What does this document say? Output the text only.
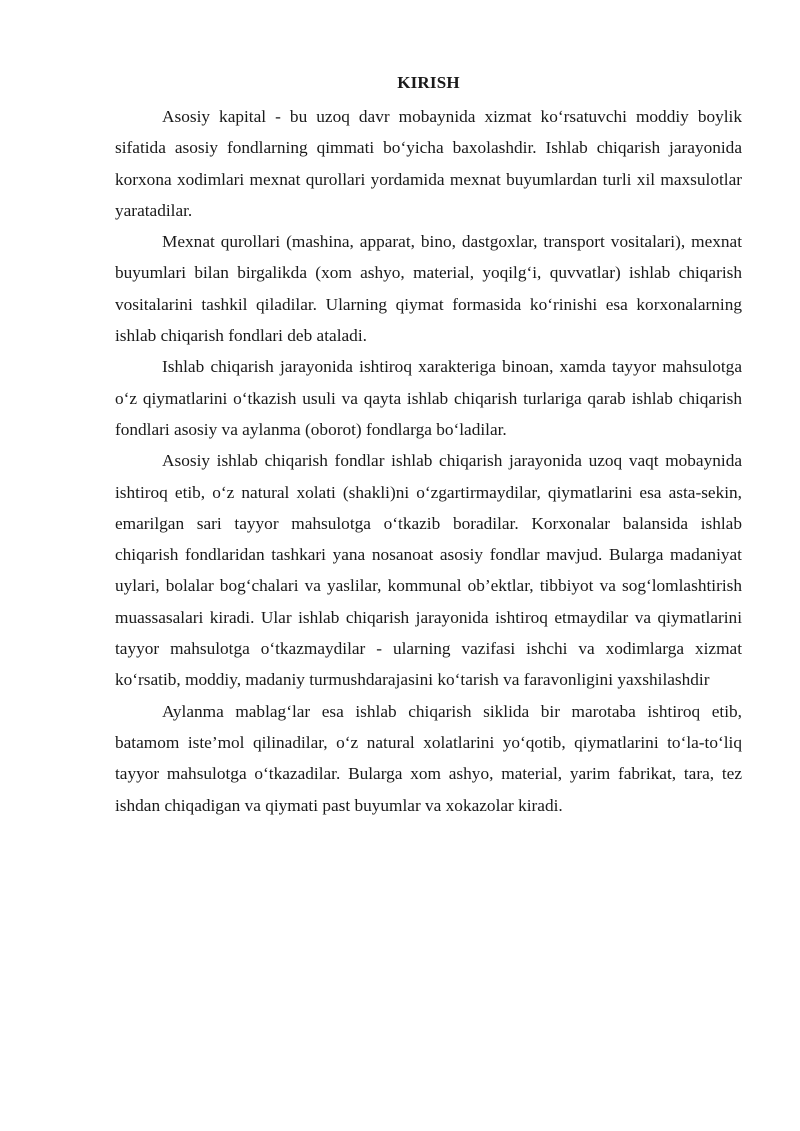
KIRISH

Asosiy kapital - bu uzoq davr mobaynida xizmat ko‘rsatuvchi moddiy boylik sifatida asosiy fondlarning qimmati bo‘yicha baxolashdir. Ishlab chiqarish jarayonida korxona xodimlari mexnat qurollari yordamida mexnat buyumlardan turli xil maxsulotlar yaratadilar.

Mexnat qurollari (mashina, apparat, bino, dastgoxlar, transport vositalari), mexnat buyumlari bilan birgalikda (xom ashyo, material, yoqilg‘i, quvvatlar) ishlab chiqarish vositalarini tashkil qiladilar. Ularning qiymat formasida ko‘rinishi esa korxonalarning ishlab chiqarish fondlari deb ataladi.

Ishlab chiqarish jarayonida ishtiroq xarakteriga binoan, xamda tayyor mahsulotga o‘z qiymatlarini o‘tkazish usuli va qayta ishlab chiqarish turlariga qarab ishlab chiqarish fondlari asosiy va aylanma (oborot) fondlarga bo‘ladilar.

Asosiy ishlab chiqarish fondlar ishlab chiqarish jarayonida uzoq vaqt mobaynida ishtiroq etib, o‘z natural xolati (shakli)ni o‘zgartirmaydilar, qiymatlarini esa asta-sekin, emarilgan sari tayyor mahsulotga o‘tkazib boradilar. Korxonalar balansida ishlab chiqarish fondlaridan tashkari yana nosanoat asosiy fondlar mavjud. Bularga madaniyat uylari, bolalar bog‘chalari va yaslilar, kommunal ob’ektlar, tibbiyot va sog‘lomlashtirish muassasalari kiradi. Ular ishlab chiqarish jarayonida ishtiroq etmaydilar va qiymatlarini tayyor mahsulotga o‘tkazmaydilar - ularning vazifasi ishchi va xodimlarga xizmat ko‘rsatib, moddiy, madaniy turmushdarajasini ko‘tarish va faravonligini yaxshilashdir

Aylanma mablag‘lar esa ishlab chiqarish siklida bir marotaba ishtiroq etib, batamom iste’mol qilinadilar, o‘z natural xolatlarini yo‘qotib, qiymatlarini to‘la-to‘liq tayyor mahsulotga o‘tkazadilar. Bularga xom ashyo, material, yarim fabrikat, tara, tez ishdan chiqadigan va qiymati past buyumlar va xokazolar kiradi.
